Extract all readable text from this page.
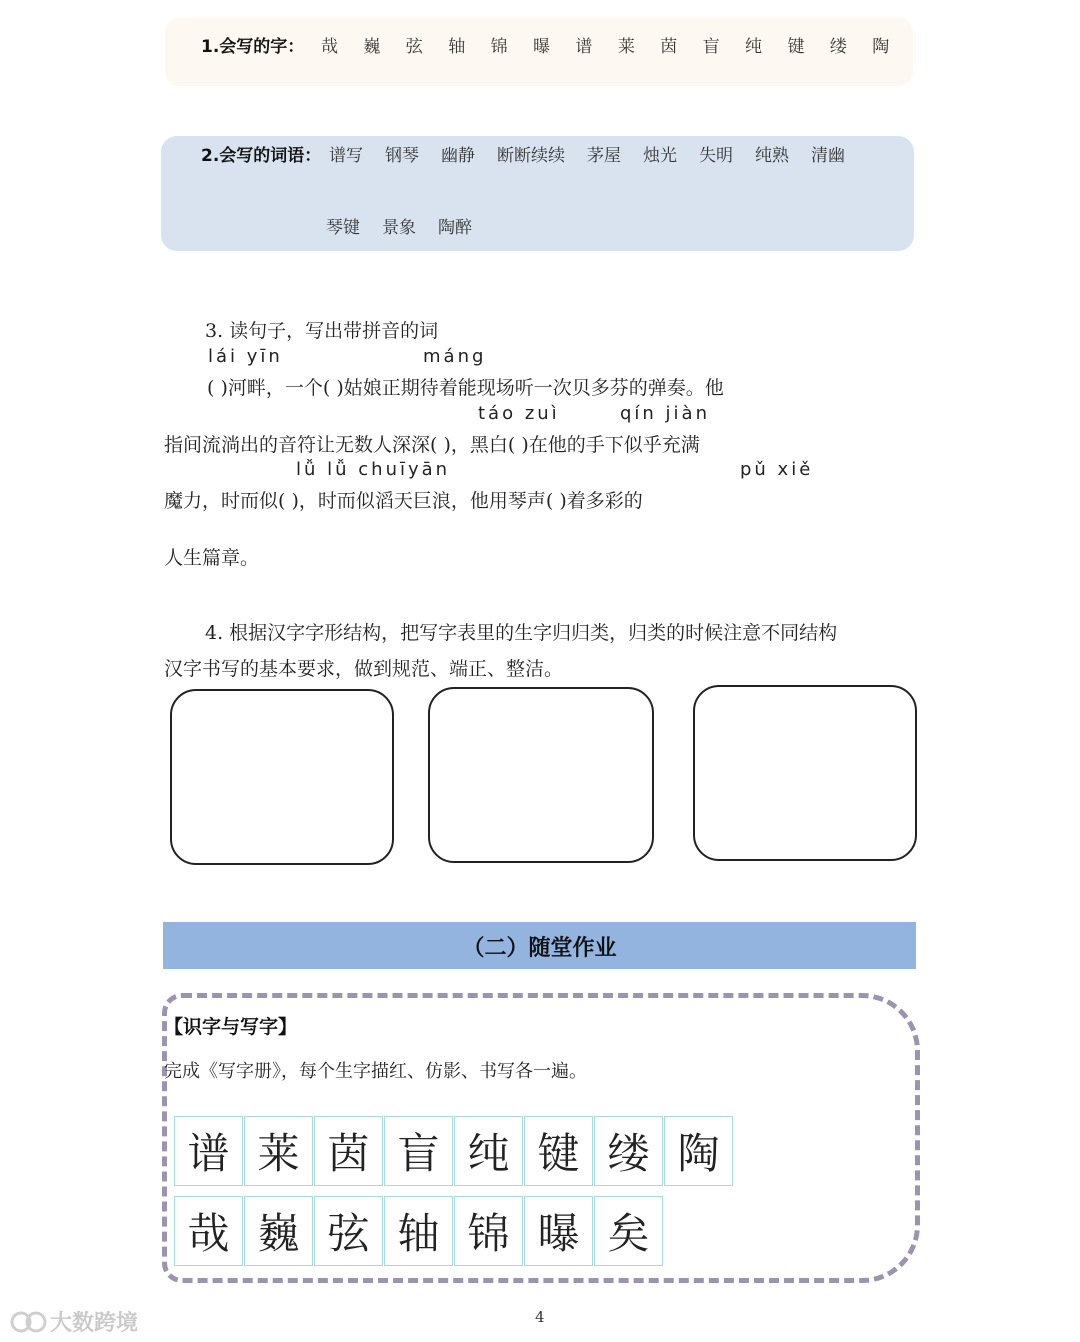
1.会写的字： 哉 巍 弦 轴 锦 曝 谱 莱 茵 盲 纯 键 缕 陶
2.会写的词语： 谱写 钢琴 幽静 断断续续 茅屋 烛光 失明 纯熟 清幽
琴键 景象 陶醉
3. 读句子，写出带拼音的词
lái yīn	máng
( )河畔，一个( )姑娘正期待着能现场听一次贝多芬的弹奏。他
táo zuì	qín jiàn
指间流淌出的音符让无数人深深( )，黑白( )在他的手下似乎充满
lǚ lǚ chuīyān	pǔ xiě
魔力，时而似( )，时而似滔天巨浪，他用琴声( )着多彩的
人生篇章。
4. 根据汉字字形结构，把写字表里的生字归归类，归类的时候注意不同结构
汉字书写的基本要求，做到规范、端正、整洁。
（二）随堂作业
【识字与写字】
完成《写字册》，每个生字描红、仿影、书写各一遍。
谱 莱 茵 盲 纯 键 缕 陶
哉 巍 弦 轴 锦 曝 矣
4
大数跨境
